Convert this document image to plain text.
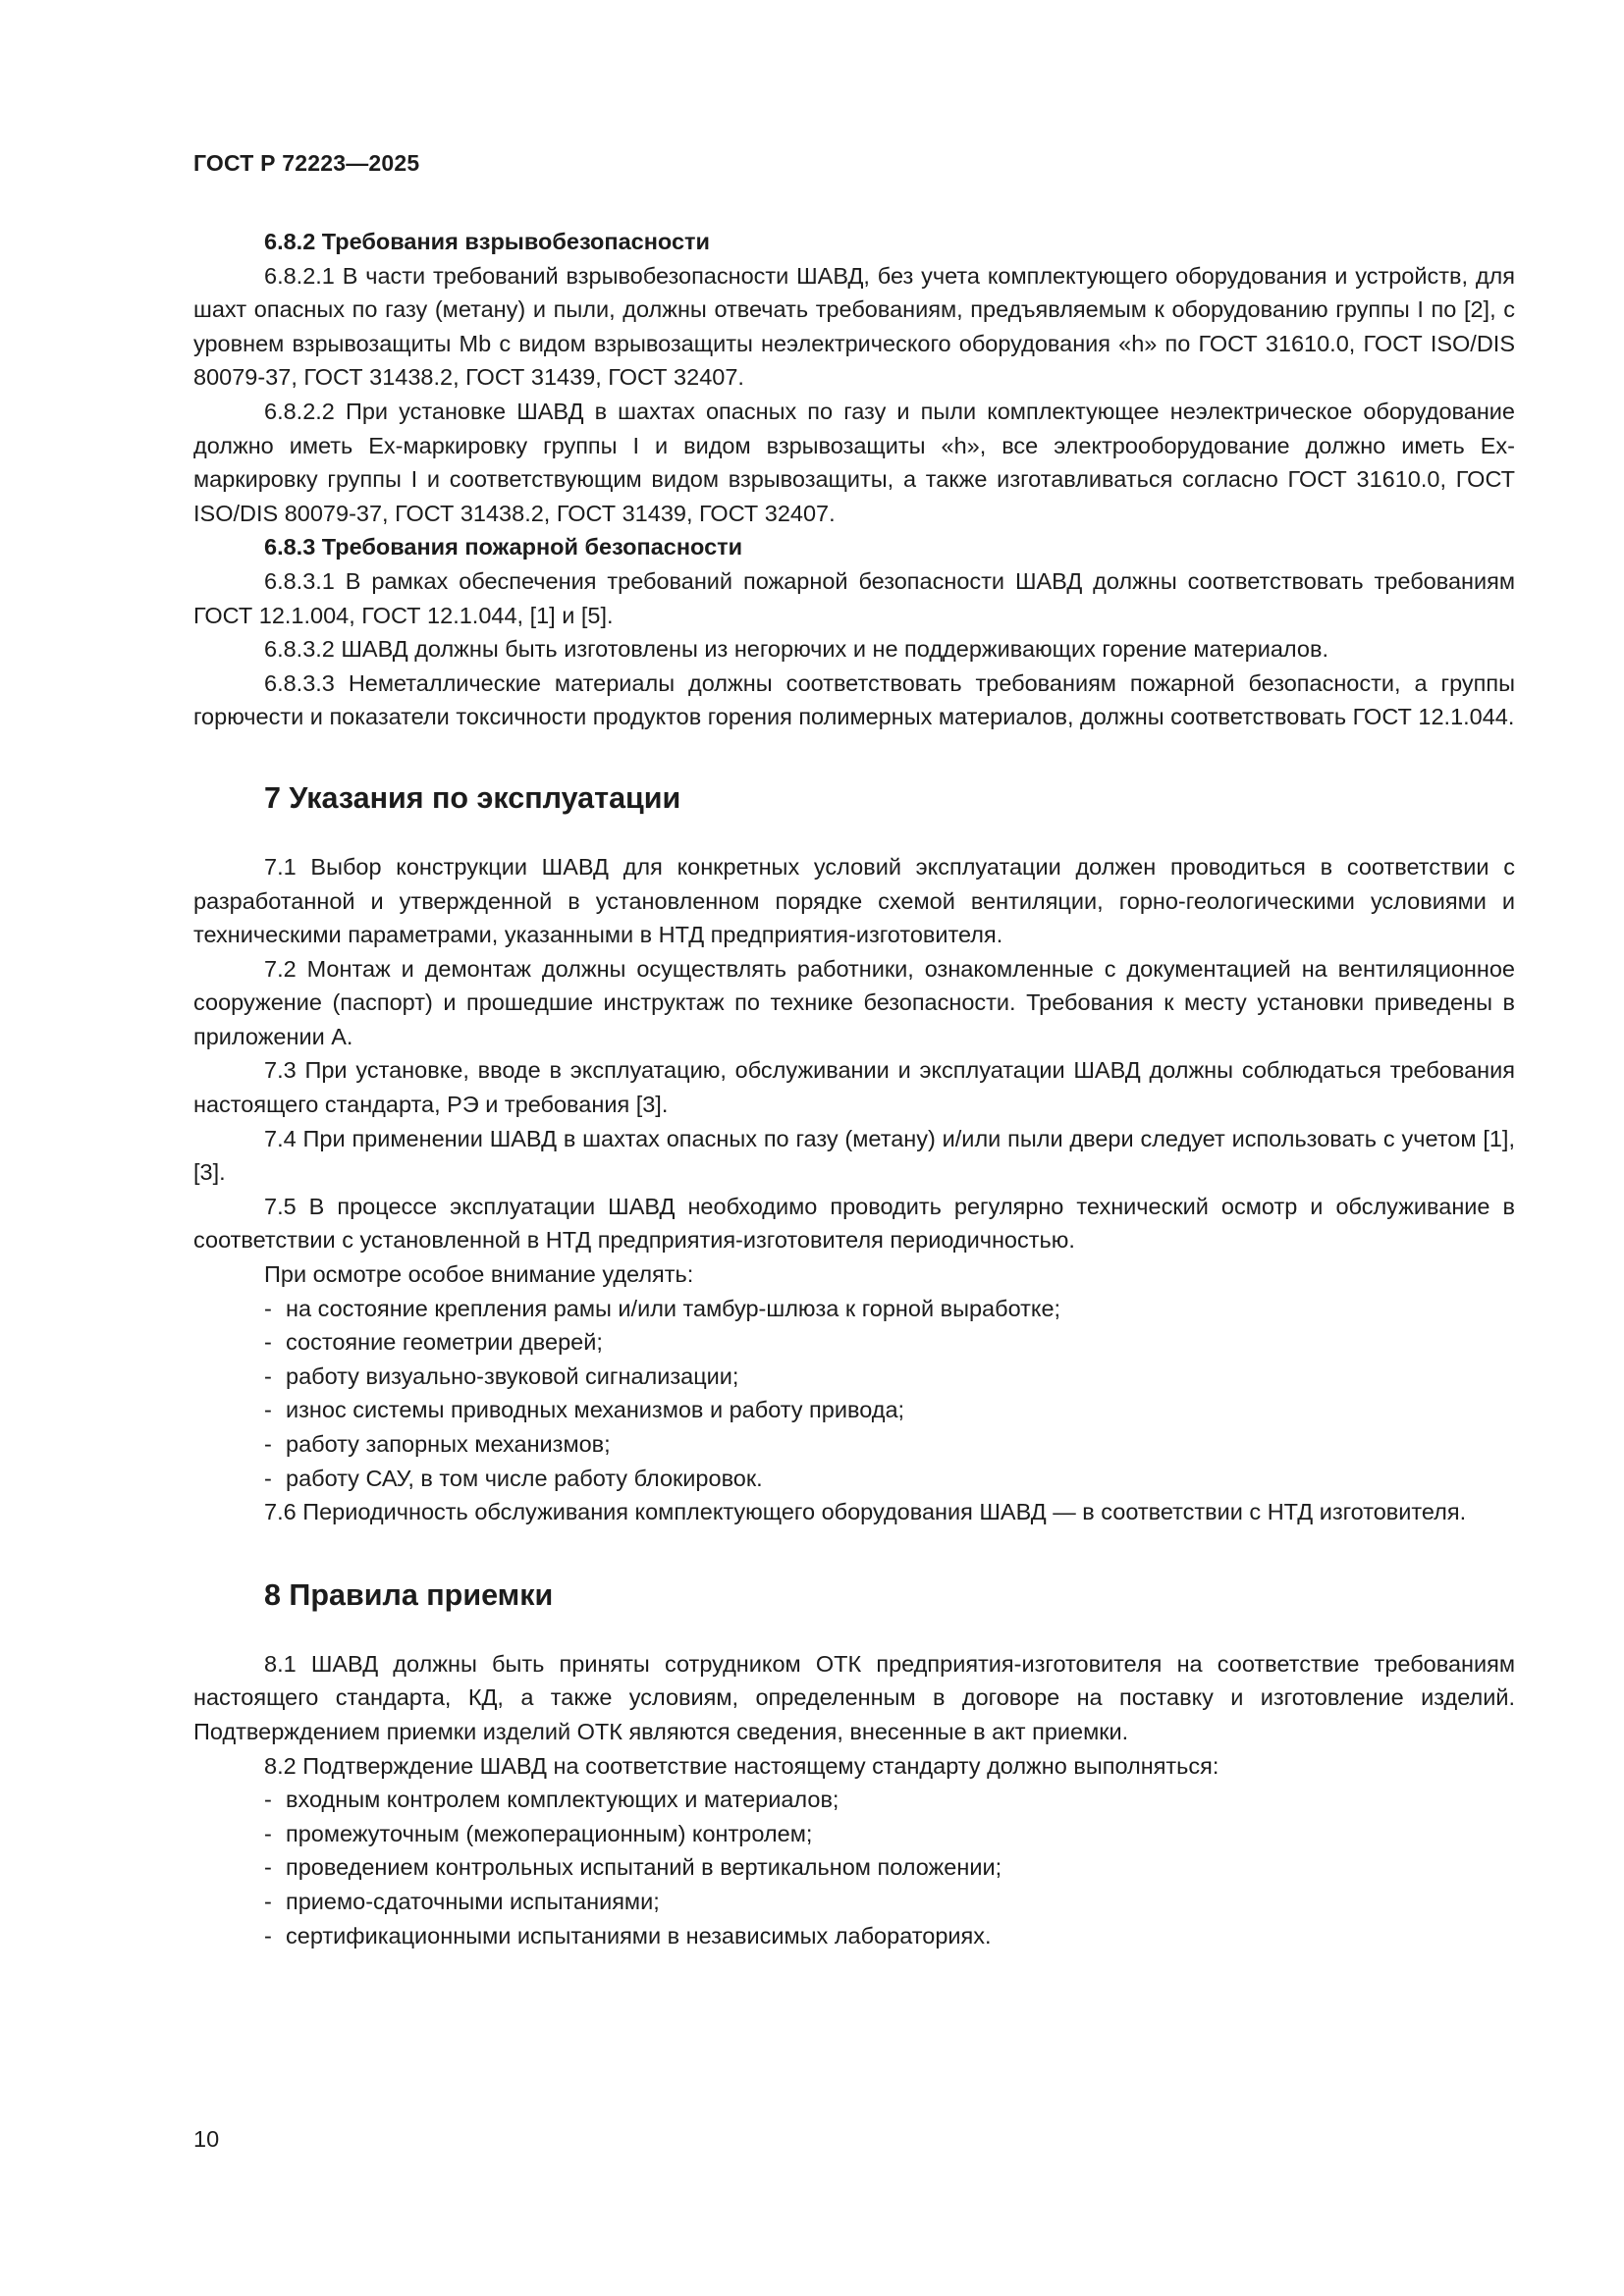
ГОСТ Р 72223—2025
6.8.2 Требования взрывобезопасности
6.8.2.1 В части требований взрывобезопасности ШАВД, без учета комплектующего оборудования и устройств, для шахт опасных по газу (метану) и пыли, должны отвечать требованиям, предъявляемым к оборудованию группы I по [2], с уровнем взрывозащиты Mb с видом взрывозащиты неэлектрического оборудования «h» по ГОСТ 31610.0, ГОСТ ISO/DIS 80079-37, ГОСТ 31438.2, ГОСТ 31439, ГОСТ 32407.
6.8.2.2 При установке ШАВД в шахтах опасных по газу и пыли комплектующее неэлектрическое оборудование должно иметь Ех-маркировку группы I и видом взрывозащиты «h», все электрооборудование должно иметь Ех-маркировку группы I и соответствующим видом взрывозащиты, а также изготавливаться согласно ГОСТ 31610.0, ГОСТ ISO/DIS 80079-37, ГОСТ 31438.2, ГОСТ 31439, ГОСТ 32407.
6.8.3 Требования пожарной безопасности
6.8.3.1 В рамках обеспечения требований пожарной безопасности ШАВД должны соответствовать требованиям ГОСТ 12.1.004, ГОСТ 12.1.044, [1] и [5].
6.8.3.2 ШАВД должны быть изготовлены из негорючих и не поддерживающих горение материалов.
6.8.3.3 Неметаллические материалы должны соответствовать требованиям пожарной безопасности, а группы горючести и показатели токсичности продуктов горения полимерных материалов, должны соответствовать ГОСТ 12.1.044.
7 Указания по эксплуатации
7.1 Выбор конструкции ШАВД для конкретных условий эксплуатации должен проводиться в соответствии с разработанной и утвержденной в установленном порядке схемой вентиляции, горно-геологическими условиями и техническими параметрами, указанными в НТД предприятия-изготовителя.
7.2 Монтаж и демонтаж должны осуществлять работники, ознакомленные с документацией на вентиляционное сооружение (паспорт) и прошедшие инструктаж по технике безопасности. Требования к месту установки приведены в приложении А.
7.3 При установке, вводе в эксплуатацию, обслуживании и эксплуатации ШАВД должны соблюдаться требования настоящего стандарта, РЭ и требования [3].
7.4 При применении ШАВД в шахтах опасных по газу (метану) и/или пыли двери следует использовать с учетом [1], [3].
7.5 В процессе эксплуатации ШАВД необходимо проводить регулярно технический осмотр и обслуживание в соответствии с установленной в НТД предприятия-изготовителя периодичностью.
При осмотре особое внимание уделять:
- на состояние крепления рамы и/или тамбур-шлюза к горной выработке;
- состояние геометрии дверей;
- работу визуально-звуковой сигнализации;
- износ системы приводных механизмов и работу привода;
- работу запорных механизмов;
- работу САУ, в том числе работу блокировок.
7.6 Периодичность обслуживания комплектующего оборудования ШАВД — в соответствии с НТД изготовителя.
8 Правила приемки
8.1 ШАВД должны быть приняты сотрудником ОТК предприятия-изготовителя на соответствие требованиям настоящего стандарта, КД, а также условиям, определенным в договоре на поставку и изготовление изделий. Подтверждением приемки изделий ОТК являются сведения, внесенные в акт приемки.
8.2 Подтверждение ШАВД на соответствие настоящему стандарту должно выполняться:
- входным контролем комплектующих и материалов;
- промежуточным (межоперационным) контролем;
- проведением контрольных испытаний в вертикальном положении;
- приемо-сдаточными испытаниями;
- сертификационными испытаниями в независимых лабораториях.
10
